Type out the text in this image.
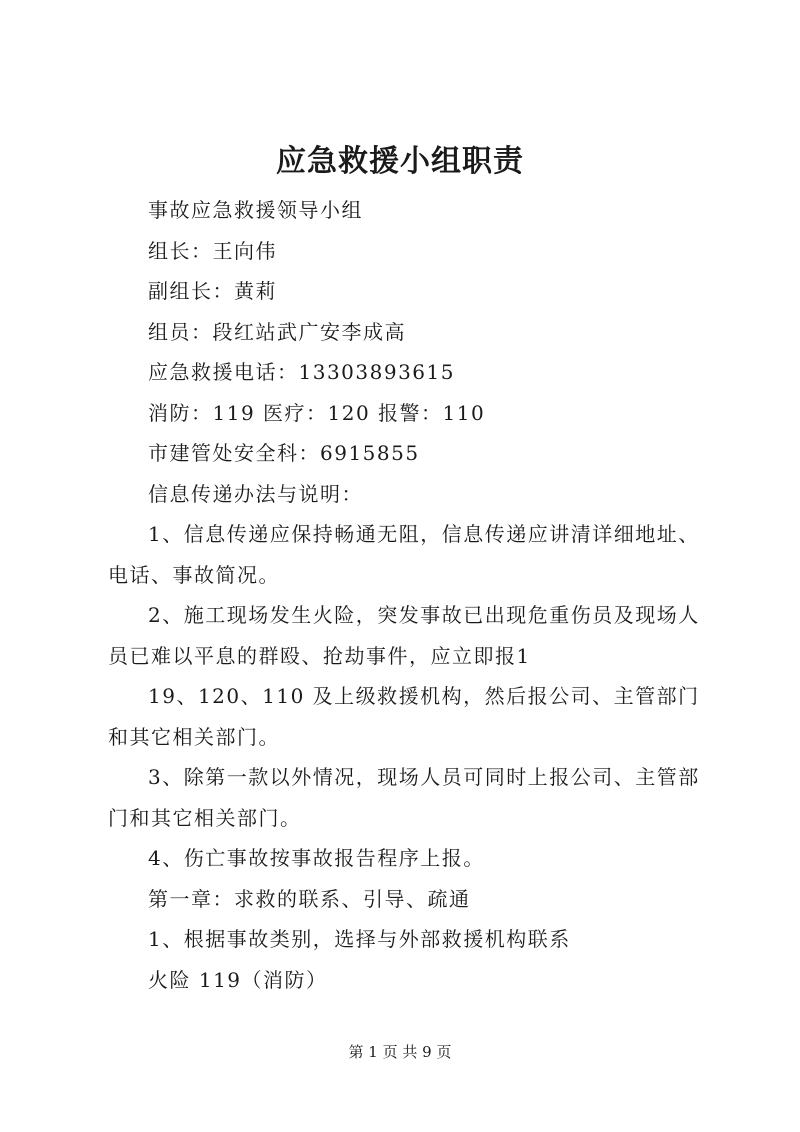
应急救援小组职责

事故应急救援领导小组

组长：王向伟

副组长：黄莉

组员：段红站武广安李成高

应急救援电话：13303893615

消防：119 医疗：120 报警：110

市建管处安全科：6915855

信息传递办法与说明：

1、信息传递应保持畅通无阻，信息传递应讲清详细地址、电话、事故简况。

2、施工现场发生火险，突发事故已出现危重伤员及现场人员已难以平息的群殴、抢劫事件，应立即报1

19、120、110 及上级救援机构，然后报公司、主管部门和其它相关部门。

3、除第一款以外情况，现场人员可同时上报公司、主管部门和其它相关部门。

4、伤亡事故按事故报告程序上报。

第一章：求救的联系、引导、疏通

1、根据事故类别，选择与外部救援机构联系

火险 119（消防）

第 1 页 共 9 页
